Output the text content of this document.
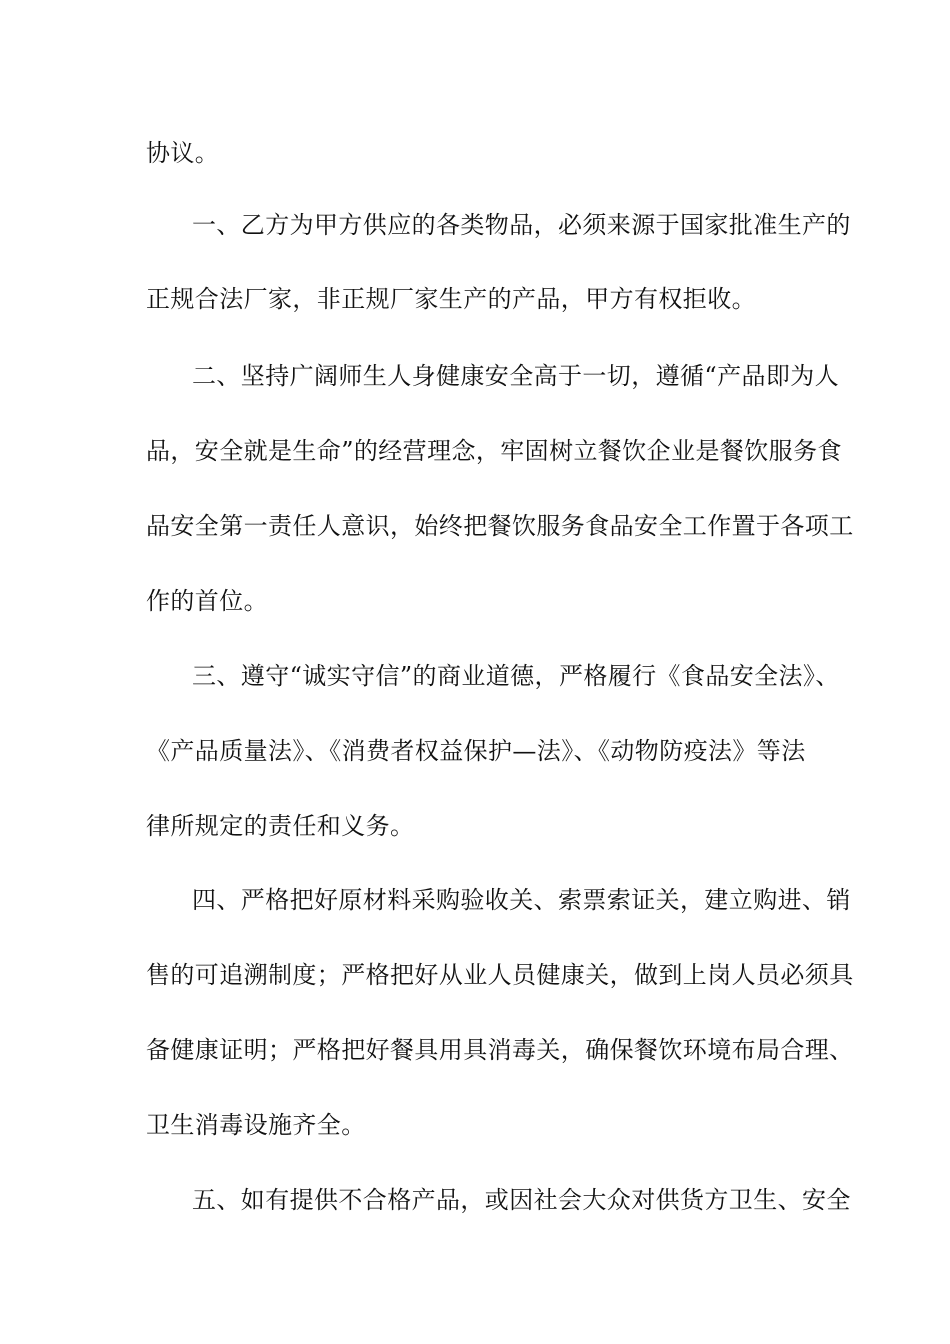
协议。
一、乙方为甲方供应的各类物品，必须来源于国家批准生产的
正规合法厂家，非正规厂家生产的产品，甲方有权拒收。
二、坚持广阔师生人身健康安全高于一切，遵循“产品即为人
品，安全就是生命”的经营理念，牢固树立餐饮企业是餐饮服务食
品安全第一责任人意识，始终把餐饮服务食品安全工作置于各项工
作的首位。
三、遵守“诚实守信”的商业道德，严格履行《食品安全法》、
《产品质量法》、《消费者权益保护—法》、《动物防疫法》等法
律所规定的责任和义务。
四、严格把好原材料采购验收关、索票索证关，建立购进、销
售的可追溯制度；严格把好从业人员健康关，做到上岗人员必须具
备健康证明；严格把好餐具用具消毒关，确保餐饮环境布局合理、
卫生消毒设施齐全。
五、如有提供不合格产品，或因社会大众对供货方卫生、安全
